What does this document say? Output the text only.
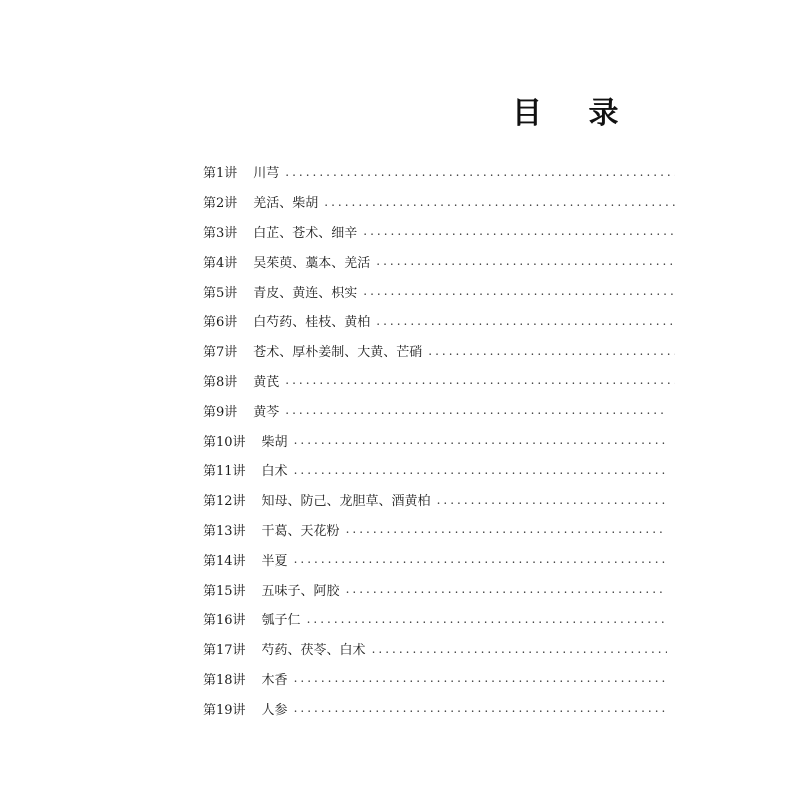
目 录
第1讲 川芎
.....
第2讲 羌活、柴胡
.....
第3讲 白芷、苍术、细辛
.....
第4讲 吴茱萸、藁本、羌活
.....
第5讲 青皮、黄连、枳实
.....
第6讲 白芍药、桂枝、黄柏
.....
第7讲 苍术、厚朴姜制、大黄、芒硝
.....
第8讲 黄芪
.....
第9讲 黄芩
.....
第10讲 柴胡
.....
第11讲 白术
.....
第12讲 知母、防己、龙胆草、酒黄柏
.....
第13讲 干葛、天花粉
.....
第14讲 半夏
.....
第15讲 五味子、阿胶
.....
第16讲 瓠子仁
.....
第17讲 芍药、茯苓、白术
.....
第18讲 木香
.....
第19讲 人参
.....
